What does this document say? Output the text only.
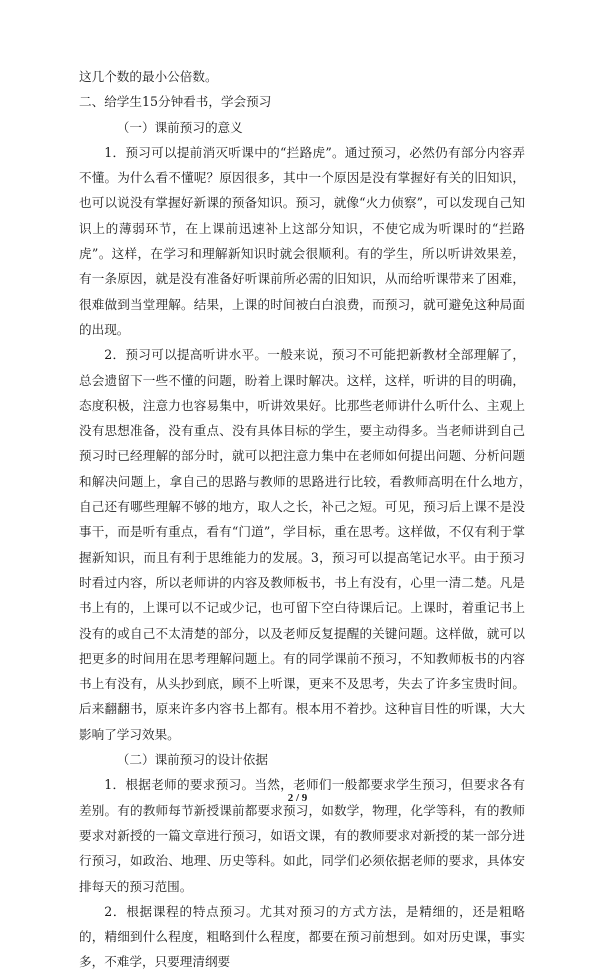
这几个数的最小公倍数。

二、给学生15分钟看书，学会预习

（一）课前预习的意义

1．预习可以提前消灭听课中的“拦路虎”。通过预习，必然仍有部分内容弄不懂。为什么看不懂呢？原因很多，其中一个原因是没有掌握好有关的旧知识，也可以说没有掌握好新课的预备知识。预习，就像“火力侦察”，可以发现自己知识上的薄弱环节，在上课前迅速补上这部分知识，不使它成为听课时的“拦路虎”。这样，在学习和理解新知识时就会很顺利。有的学生，所以听讲效果差，有一条原因，就是没有准备好听课前所必需的旧知识，从而给听课带来了困难，很难做到当堂理解。结果，上课的时间被白白浪费，而预习，就可避免这种局面的出现。

2．预习可以提高听讲水平。一般来说，预习不可能把新教材全部理解了，总会遗留下一些不懂的问题，盼着上课时解决。这样，这样，听讲的目的明确，态度积极，注意力也容易集中，听讲效果好。比那些老师讲什么听什么、主观上没有思想准备，没有重点、没有具体目标的学生，要主动得多。当老师讲到自己预习时已经理解的部分时，就可以把注意力集中在老师如何提出问题、分析问题和解决问题上，拿自己的思路与教师的思路进行比较，看教师高明在什么地方，　　自己还有哪些理解不够的地方，取人之长，补己之短。可见，预习后上课不是没事干，而是听有重点，看有“门道”，学目标，重在思考。这样做，不仅有利于掌握新知识，而且有利于思维能力的发展。3，预习可以提高笔记水平。由于预习时看过内容，所以老师讲的内容及教师板书，书上有没有，心里一清二楚。凡是书上有的，上课可以不记或少记，也可留下空白待课后记。上课时，着重记书上没有的或自己不太清楚的部分，以及老师反复提醒的关键问题。这样做，就可以把更多的时间用在思考理解问题上。有的同学课前不预习，不知教师板书的内容书上有没有，从头抄到底，顾不上听课，更来不及思考，失去了许多宝贵时间。后来翻翻书，原来许多内容书上都有。根本用不着抄。这种盲目性的听课，大大影响了学习效果。

（二）课前预习的设计依据

1．根据老师的要求预习。当然，老师们一般都要求学生预习，但要求各有差别。有的教师每节新授课前都要求预习，如数学，物理，化学等科，有的教师要求对新授的一篇文章进行预习，如语文课，有的教师要求对新授的某一部分进行预习，如政治、地理、历史等科。如此，同学们必须依据老师的要求，具体安排每天的预习范围。

2．根据课程的特点预习。尤其对预习的方式方法，是精细的，还是粗略的，精细到什么程度，粗略到什么程度，都要在预习前想到。如对历史课，事实多，不难学，只要理清纲要

2 / 9
